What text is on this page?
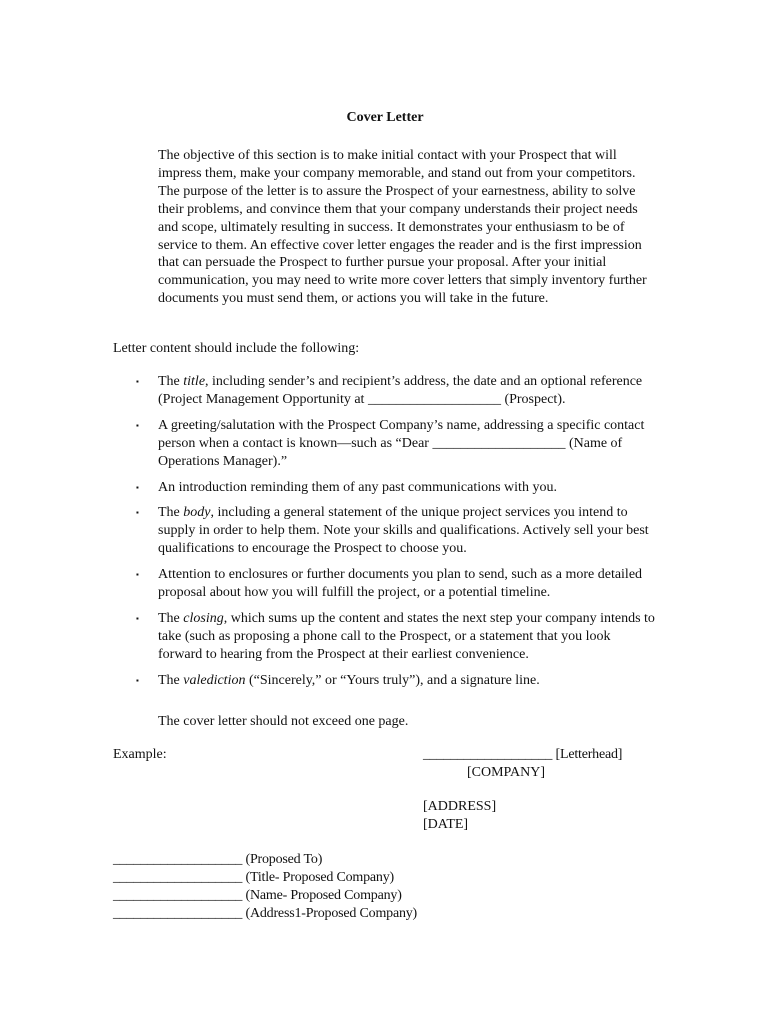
Cover Letter
The objective of this section is to make initial contact with your Prospect that will impress them, make your company memorable, and stand out from your competitors. The purpose of the letter is to assure the Prospect of your earnestness, ability to solve their problems, and convince them that your company understands their project needs and scope, ultimately resulting in success. It demonstrates your enthusiasm to be of service to them. An effective cover letter engages the reader and is the first impression that can persuade the Prospect to further pursue your proposal. After your initial communication, you may need to write more cover letters that simply inventory further documents you must send them, or actions you will take in the future.
Letter content should include the following:
▪ The title, including sender’s and recipient’s address, the date and an optional reference (Project Management Opportunity at ___________________ (Prospect).
▪ A greeting/salutation with the Prospect Company’s name, addressing a specific contact person when a contact is known—such as “Dear ___________________ (Name of Operations Manager).”
▪ An introduction reminding them of any past communications with you.
▪ The body, including a general statement of the unique project services you intend to supply in order to help them. Note your skills and qualifications. Actively sell your best qualifications to encourage the Prospect to choose you.
▪ Attention to enclosures or further documents you plan to send, such as a more detailed proposal about how you will fulfill the project, or a potential timeline.
▪ The closing, which sums up the content and states the next step your company intends to take (such as proposing a phone call to the Prospect, or a statement that you look forward to hearing from the Prospect at their earliest convenience.
▪ The valediction (“Sincerely,” or “Yours truly”), and a signature line.
The cover letter should not exceed one page.
Example:	___________________ [Letterhead]
[COMPANY]
[ADDRESS]
[DATE]
___________________ (Proposed To)
___________________ (Title- Proposed Company)
___________________ (Name- Proposed Company)
___________________ (Address1-Proposed Company)
